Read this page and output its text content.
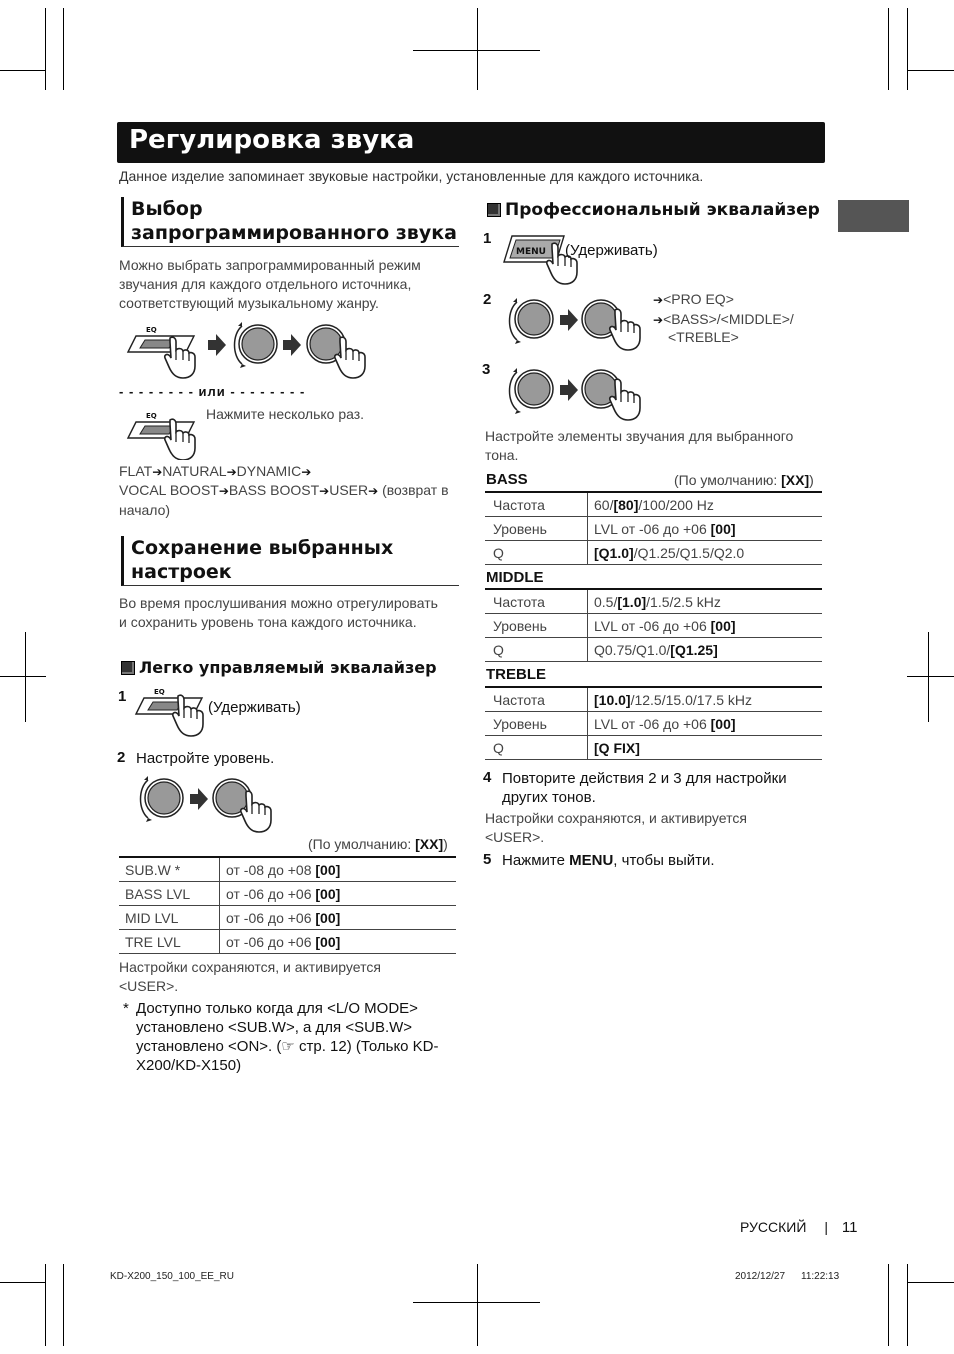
Регулировка звука
Данное изделие запоминает звуковые настройки, установленные для каждого источника.
Выбор запрограммированного звука
Можно выбрать запрограммированный режим звучания для каждого отдельного источника, соответствующий музыкальному жанру.
- - - - - - - - или - - - - - - - -
Нажмите несколько раз.
FLAT➔NATURAL➔DYNAMIC➔
VOCAL BOOST➔BASS BOOST➔USER➔ (возврат в начало)
Сохранение выбранных настроек
Во время прослушивания можно отрегулировать и сохранить уровень тона каждого источника.
Легко управляемый эквалайзер
1
(Удерживать)
2 Настройте уровень.
(По умолчанию: [XX])
SUB.W *	от -08 до +08 [00]
BASS LVL	от -06 до +06 [00]
MID LVL	от -06 до +06 [00]
TRE LVL	от -06 до +06 [00]
Настройки сохраняются, и активируется <USER>.
* Доступно только когда для <L/O MODE> установлено <SUB.W>, а для <SUB.W> установлено <ON>. (☞ стр. 12) (Только KD-X200/KD-X150)
Профессиональный эквалайзер
1
MENU (Удерживать)
2	➔<PRO EQ>
➔<BASS>/<MIDDLE>/
<TREBLE>
3
Настройте элементы звучания для выбранного тона.
BASS	(По умолчанию: [XX])
Частота	60/[80]/100/200 Hz
Уровень	LVL от -06 до +06 [00]
Q	[Q1.0]/Q1.25/Q1.5/Q2.0
MIDDLE
Частота	0.5/[1.0]/1.5/2.5 kHz
Уровень	LVL от -06 до +06 [00]
Q	Q0.75/Q1.0/[Q1.25]
TREBLE
Частота	[10.0]/12.5/15.0/17.5 kHz
Уровень	LVL от -06 до +06 [00]
Q	[Q FIX]
4 Повторите действия 2 и 3 для настройки других тонов.
Настройки сохраняются, и активируется <USER>.
5 Нажмите MENU, чтобы выйти.
РУССКИЙ | 11
KD-X200_150_100_EE_RU	2012/12/27 11:22:13
